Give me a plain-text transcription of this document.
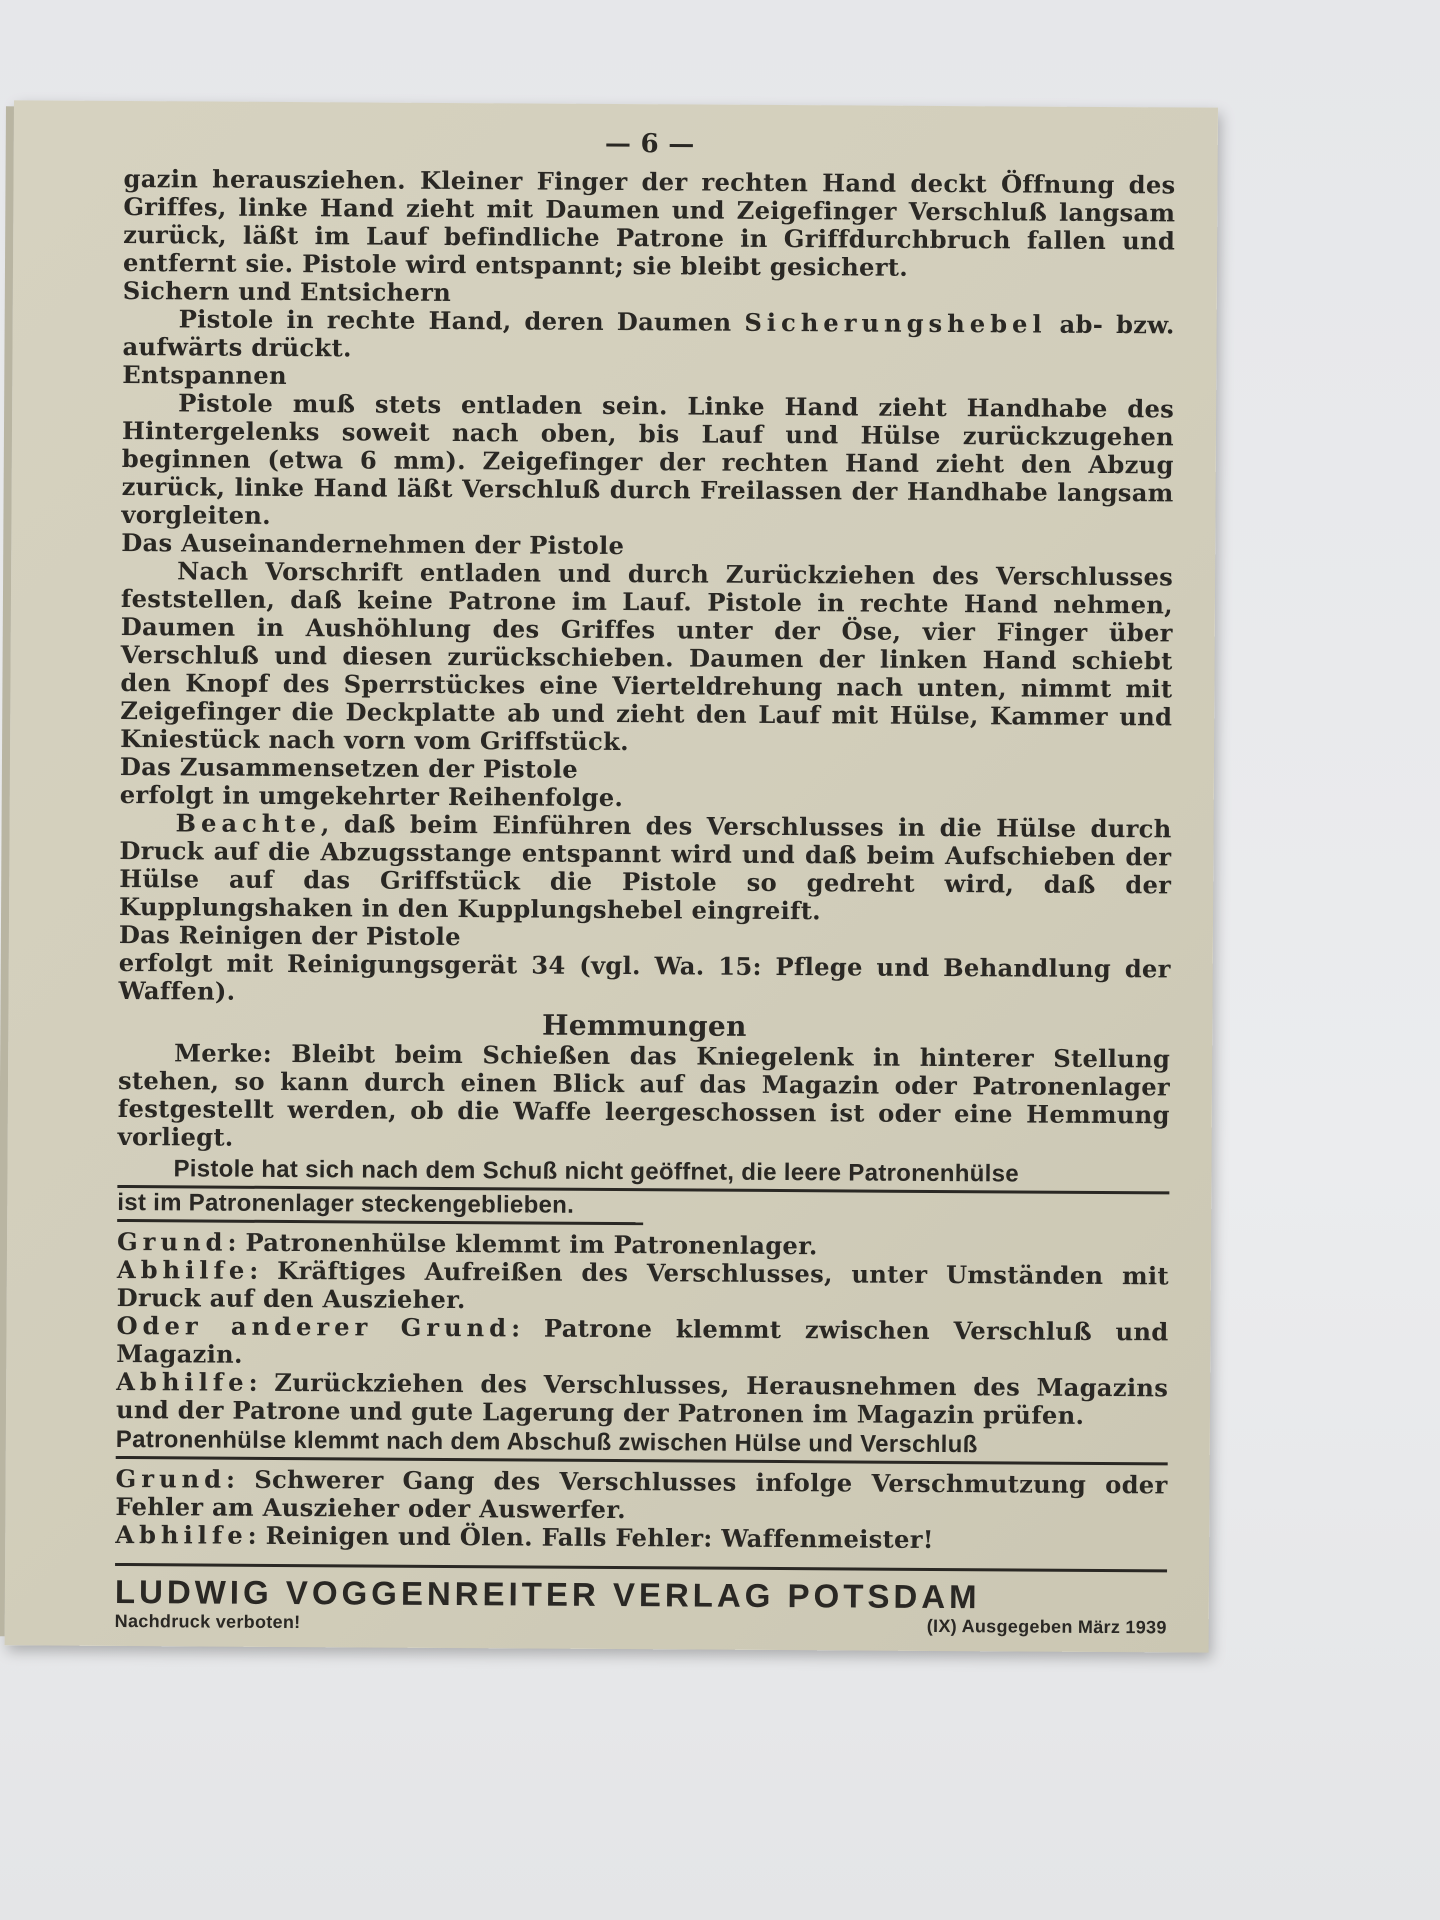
— 6 —

gazin herausziehen. Kleiner Finger der rechten Hand deckt Öffnung des Griffes, linke Hand zieht mit Daumen und Zeigefinger Verschluß langsam zurück, läßt im Lauf befindliche Patrone in Griffdurchbruch fallen und entfernt sie. Pistole wird entspannt; sie bleibt gesichert.

Sichern und Entsichern

Pistole in rechte Hand, deren Daumen Sicherungshebel ab- bzw. aufwärts drückt.

Entspannen

Pistole muß stets entladen sein. Linke Hand zieht Handhabe des Hintergelenks soweit nach oben, bis Lauf und Hülse zurückzugehen beginnen (etwa 6 mm). Zeigefinger der rechten Hand zieht den Abzug zurück, linke Hand läßt Verschluß durch Freilassen der Handhabe langsam vorgleiten.

Das Auseinandernehmen der Pistole

Nach Vorschrift entladen und durch Zurückziehen des Verschlusses feststellen, daß keine Patrone im Lauf. Pistole in rechte Hand nehmen, Daumen in Aushöhlung des Griffes unter der Öse, vier Finger über Verschluß und diesen zurückschieben. Daumen der linken Hand schiebt den Knopf des Sperrstückes eine Vierteldrehung nach unten, nimmt mit Zeigefinger die Deckplatte ab und zieht den Lauf mit Hülse, Kammer und Kniestück nach vorn vom Griffstück.

Das Zusammensetzen der Pistole

erfolgt in umgekehrter Reihenfolge.

Beachte, daß beim Einführen des Verschlusses in die Hülse durch Druck auf die Abzugsstange entspannt wird und daß beim Aufschieben der Hülse auf das Griffstück die Pistole so gedreht wird, daß der Kupplungshaken in den Kupplungshebel eingreift.

Das Reinigen der Pistole

erfolgt mit Reinigungsgerät 34 (vgl. Wa. 15: Pflege und Behandlung der Waffen).

Hemmungen

Merke: Bleibt beim Schießen das Kniegelenk in hinterer Stellung stehen, so kann durch einen Blick auf das Magazin oder Patronenlager festgestellt werden, ob die Waffe leergeschossen ist oder eine Hemmung vorliegt.

Pistole hat sich nach dem Schuß nicht geöffnet, die leere Patronenhülse
ist im Patronenlager steckengeblieben.

Grund: Patronenhülse klemmt im Patronenlager.

Abhilfe: Kräftiges Aufreißen des Verschlusses, unter Umständen mit Druck auf den Auszieher.

Oder anderer Grund: Patrone klemmt zwischen Verschluß und Magazin.

Abhilfe: Zurückziehen des Verschlusses, Herausnehmen des Magazins und der Patrone und gute Lagerung der Patronen im Magazin prüfen.

Patronenhülse klemmt nach dem Abschuß zwischen Hülse und Verschluß

Grund: Schwerer Gang des Verschlusses infolge Verschmutzung oder Fehler am Auszieher oder Auswerfer.

Abhilfe: Reinigen und Ölen. Falls Fehler: Waffenmeister!

LUDWIG VOGGENREITER VERLAG POTSDAM
Nachdruck verboten!	(IX) Ausgegeben März 1939
